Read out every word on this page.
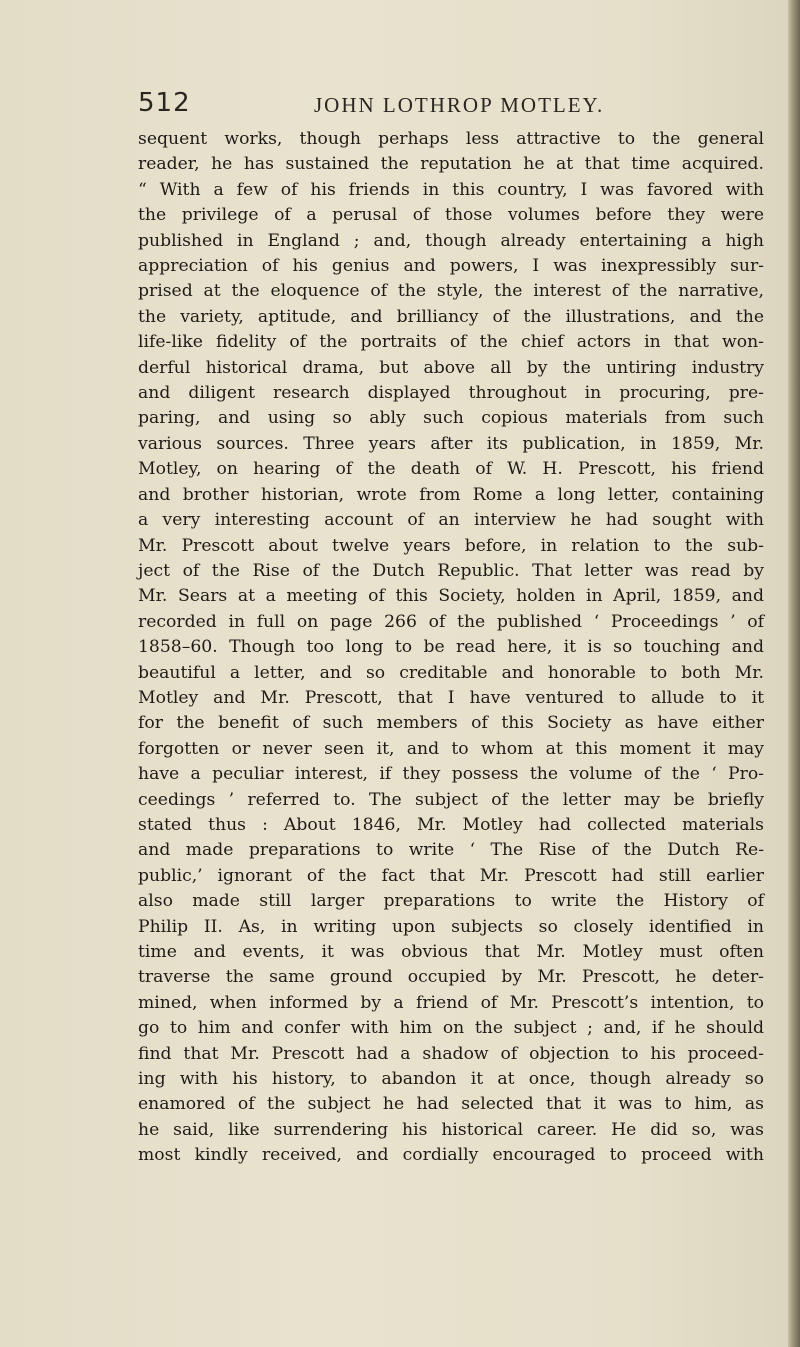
512	JOHN LOTHROP MOTLEY.
sequent works, though perhaps less attractive to the general
reader, he has sustained the reputation he at that time acquired.
“ With a few of his friends in this country, I was favored with
the privilege of a perusal of those volumes before they were
published in England ; and, though already entertaining a high
appreciation of his genius and powers, I was inexpressibly sur-
prised at the eloquence of the style, the interest of the narrative,
the variety, aptitude, and brilliancy of the illustrations, and the
life-like fidelity of the portraits of the chief actors in that won-
derful historical drama, but above all by the untiring industry
and diligent research displayed throughout in procuring, pre-
paring, and using so ably such copious materials from such
various sources. Three years after its publication, in 1859, Mr.
Motley, on hearing of the death of W. H. Prescott, his friend
and brother historian, wrote from Rome a long letter, containing
a very interesting account of an interview he had sought with
Mr. Prescott about twelve years before, in relation to the sub-
ject of the Rise of the Dutch Republic. That letter was read by
Mr. Sears at a meeting of this Society, holden in April, 1859, and
recorded in full on page 266 of the published ‘ Proceedings ’ of
1858–60. Though too long to be read here, it is so touching and
beautiful a letter, and so creditable and honorable to both Mr.
Motley and Mr. Prescott, that I have ventured to allude to it
for the benefit of such members of this Society as have either
forgotten or never seen it, and to whom at this moment it may
have a peculiar interest, if they possess the volume of the ‘ Pro-
ceedings ’ referred to. The subject of the letter may be briefly
stated thus : About 1846, Mr. Motley had collected materials
and made preparations to write ‘ The Rise of the Dutch Re-
public,’ ignorant of the fact that Mr. Prescott had still earlier
also made still larger preparations to write the History of
Philip II. As, in writing upon subjects so closely identified in
time and events, it was obvious that Mr. Motley must often
traverse the same ground occupied by Mr. Prescott, he deter-
mined, when informed by a friend of Mr. Prescott’s intention, to
go to him and confer with him on the subject ; and, if he should
find that Mr. Prescott had a shadow of objection to his proceed-
ing with his history, to abandon it at once, though already so
enamored of the subject he had selected that it was to him, as
he said, like surrendering his historical career. He did so, was
most kindly received, and cordially encouraged to proceed with
